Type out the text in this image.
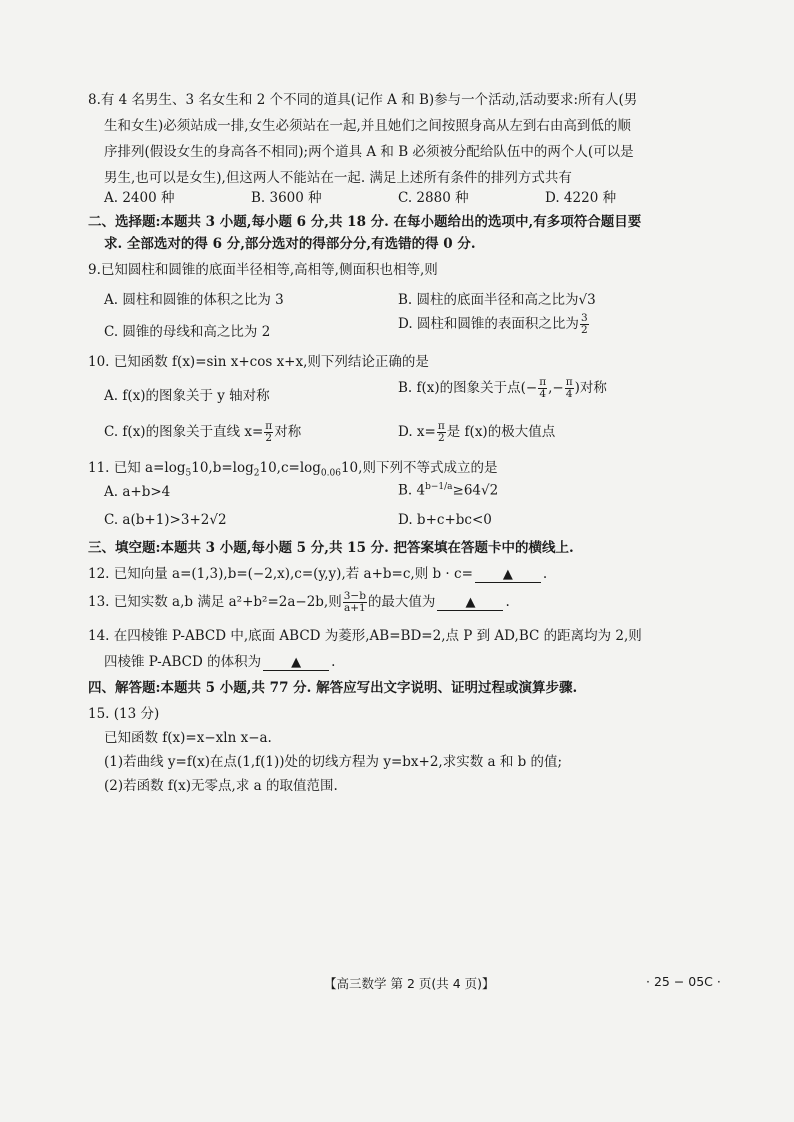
8.有 4 名男生、3 名女生和 2 个不同的道具(记作 A 和 B)参与一个活动,活动要求:所有人(男
生和女生)必须站成一排,女生必须站在一起,并且她们之间按照身高从左到右由高到低的顺
序排列(假设女生的身高各不相同);两个道具 A 和 B 必须被分配给队伍中的两个人(可以是
男生,也可以是女生),但这两人不能站在一起. 满足上述所有条件的排列方式共有
A. 2400 种	B. 3600 种	C. 2880 种	D. 4220 种
二、选择题:本题共 3 小题,每小题 6 分,共 18 分. 在每小题给出的选项中,有多项符合题目要
求. 全部选对的得 6 分,部分选对的得部分分,有选错的得 0 分.
9.已知圆柱和圆锥的底面半径相等,高相等,侧面积也相等,则
A. 圆柱和圆锥的体积之比为 3	B. 圆柱的底面半径和高之比为√3
C. 圆锥的母线和高之比为 2	D. 圆柱和圆锥的表面积之比为 $\frac{3}{2}$
10. 已知函数 f(x)=sin x+cos x+x,则下列结论正确的是
A. f(x)的图象关于 y 轴对称	B. f(x)的图象关于点(− $\frac{\pi}{4}$ ,− $\frac{\pi}{4}$ )对称
C. f(x)的图象关于直线 $x= \frac{\pi}{2}$ 对称	D. $x= \frac{\pi}{2}$ 是 f(x)的极大值点
11. 已知 $a=\log_510,b=\log_210,c=\log_{0.06}10$,则下列不等式成立的是
A. a+b>4	B. $4^{b-1/a}\ge 64√2$
C. a(b+1)>3+2√2	D. b+c+bc<0
三、填空题:本题共 3 小题,每小题 5 分,共 15 分. 把答案填在答题卡中的横线上.
12. 已知向量 a=(1,3),b=(−2,x),c=(y,y),若 a+b=c,则 b · c= ▲ .
13. 已知实数 a,b 满足 a²+b²=2a−2b,则 $\frac{3-b}{a+1}$ 的最大值为 ▲ .
14. 在四棱锥 P-ABCD 中,底面 ABCD 为菱形,AB=BD=2,点 P 到 AD,BC 的距离均为 2,则
四棱锥 P-ABCD 的体积为 ▲ .
四、解答题:本题共 5 小题,共 77 分. 解答应写出文字说明、证明过程或演算步骤.
15. (13 分)
已知函数 f(x)=x−xln x−a.
(1)若曲线 y=f(x)在点(1,f(1))处的切线方程为 y=bx+2,求实数 a 和 b 的值;
(2)若函数 f(x)无零点,求 a 的取值范围.
【高三数学 第 2 页(共 4 页)】	· 25 − 05C ·
